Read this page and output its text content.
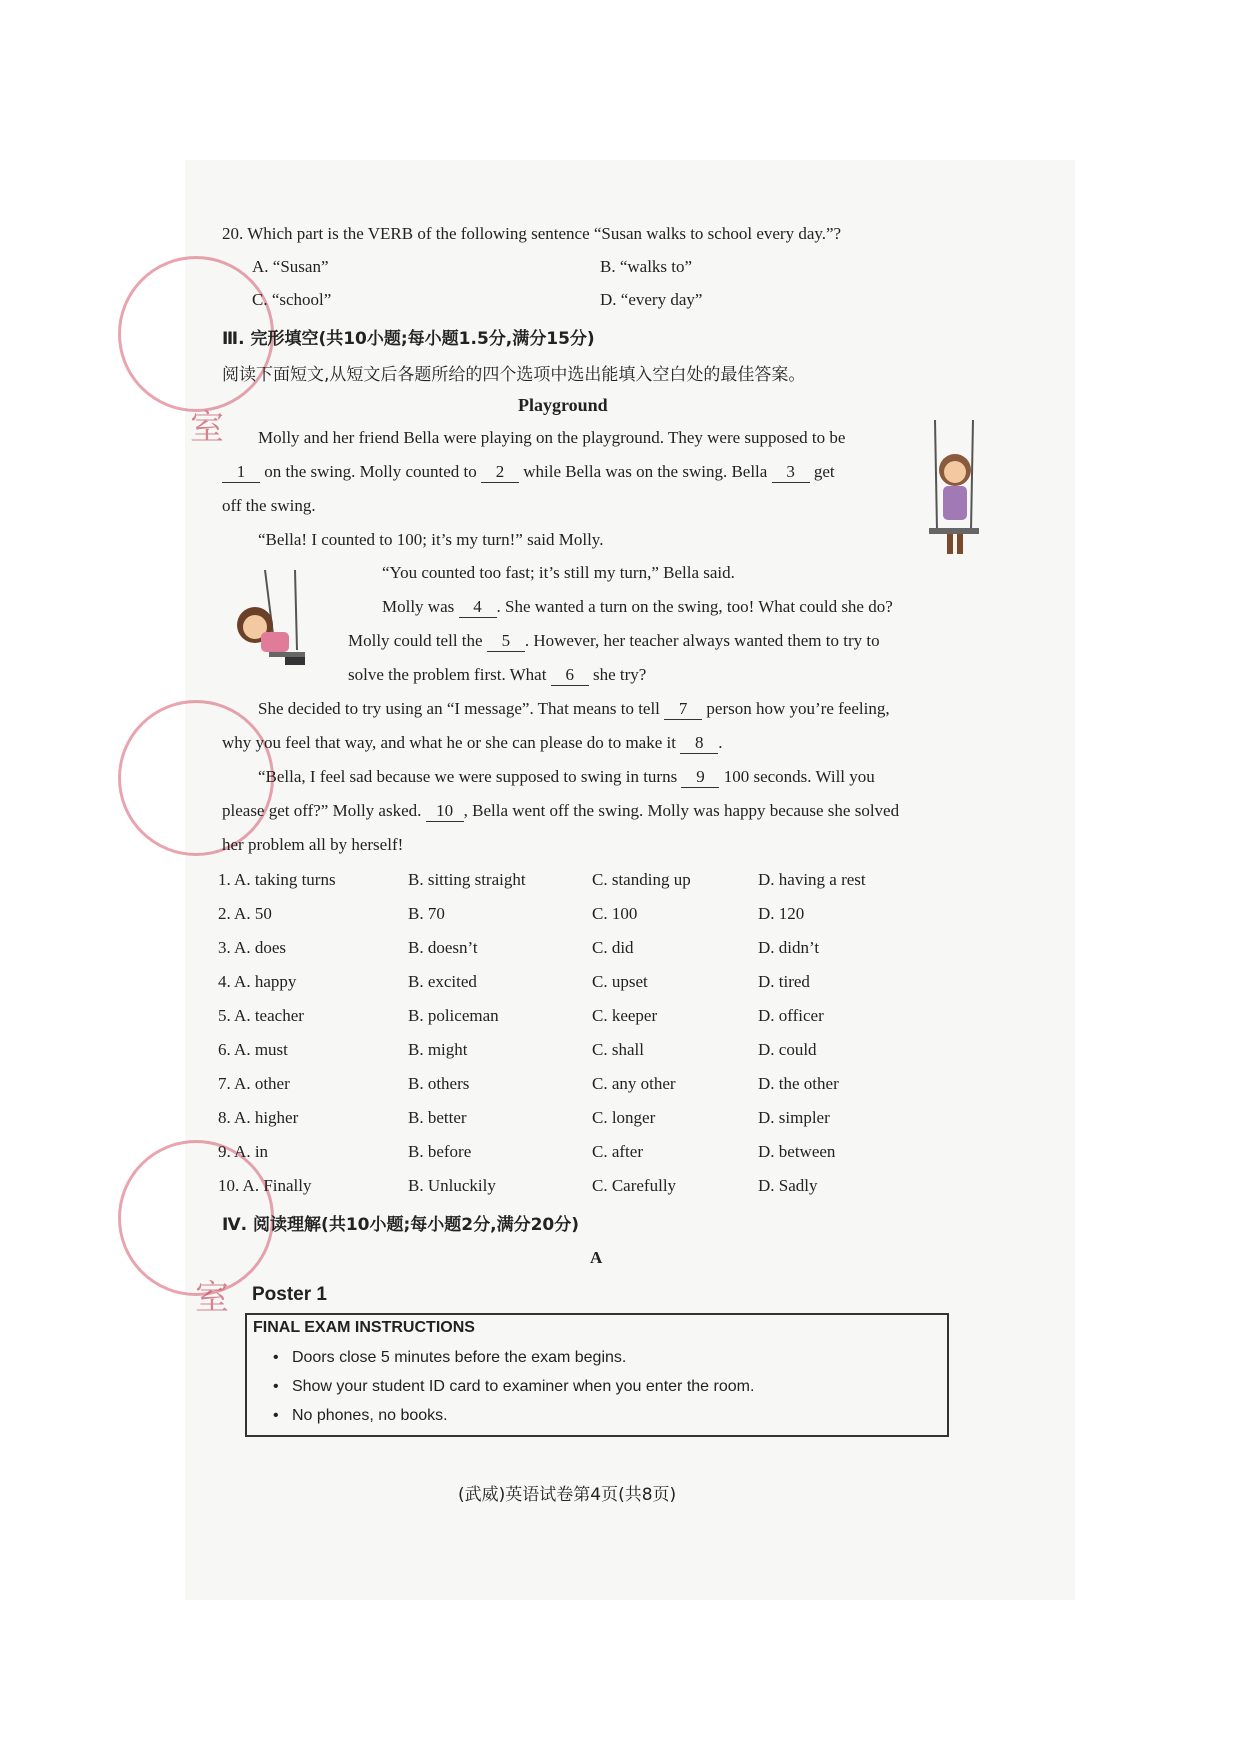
室
室
20. Which part is the VERB of the following sentence “Susan walks to school every day.”?
A. “Susan”	B. “walks to”
C. “school”	D. “every day”
Ⅲ. 完形填空(共10小题;每小题1.5分,满分15分)
阅读下面短文,从短文后各题所给的四个选项中选出能填入空白处的最佳答案。
Playground
Molly and her friend Bella were playing on the playground. They were supposed to be
1 on the swing. Molly counted to 2 while Bella was on the swing. Bella 3 get
off the swing.
“Bella! I counted to 100; it’s my turn!” said Molly.
“You counted too fast; it’s still my turn,” Bella said.
Molly was 4 . She wanted a turn on the swing, too! What could she do?
Molly could tell the 5 . However, her teacher always wanted them to try to
solve the problem first. What 6 she try?
She decided to try using an “I message”. That means to tell 7 person how you’re feeling,
why you feel that way, and what he or she can please do to make it 8 .
“Bella, I feel sad because we were supposed to swing in turns 9 100 seconds. Will you
please get off?” Molly asked. 10 , Bella went off the swing. Molly was happy because she solved
her problem all by herself!
1. A. taking turns	B. sitting straight	C. standing up	D. having a rest
2. A. 50	B. 70	C. 100	D. 120
3. A. does	B. doesn’t	C. did	D. didn’t
4. A. happy	B. excited	C. upset	D. tired
5. A. teacher	B. policeman	C. keeper	D. officer
6. A. must	B. might	C. shall	D. could
7. A. other	B. others	C. any other	D. the other
8. A. higher	B. better	C. longer	D. simpler
9. A. in	B. before	C. after	D. between
10. A. Finally	B. Unluckily	C. Carefully	D. Sadly
Ⅳ. 阅读理解(共10小题;每小题2分,满分20分)
A
Poster 1
FINAL EXAM INSTRUCTIONS
•   Doors close 5 minutes before the exam begins.
•   Show your student ID card to examiner when you enter the room.
•   No phones, no books.
(武威)英语试卷第4页(共8页)
